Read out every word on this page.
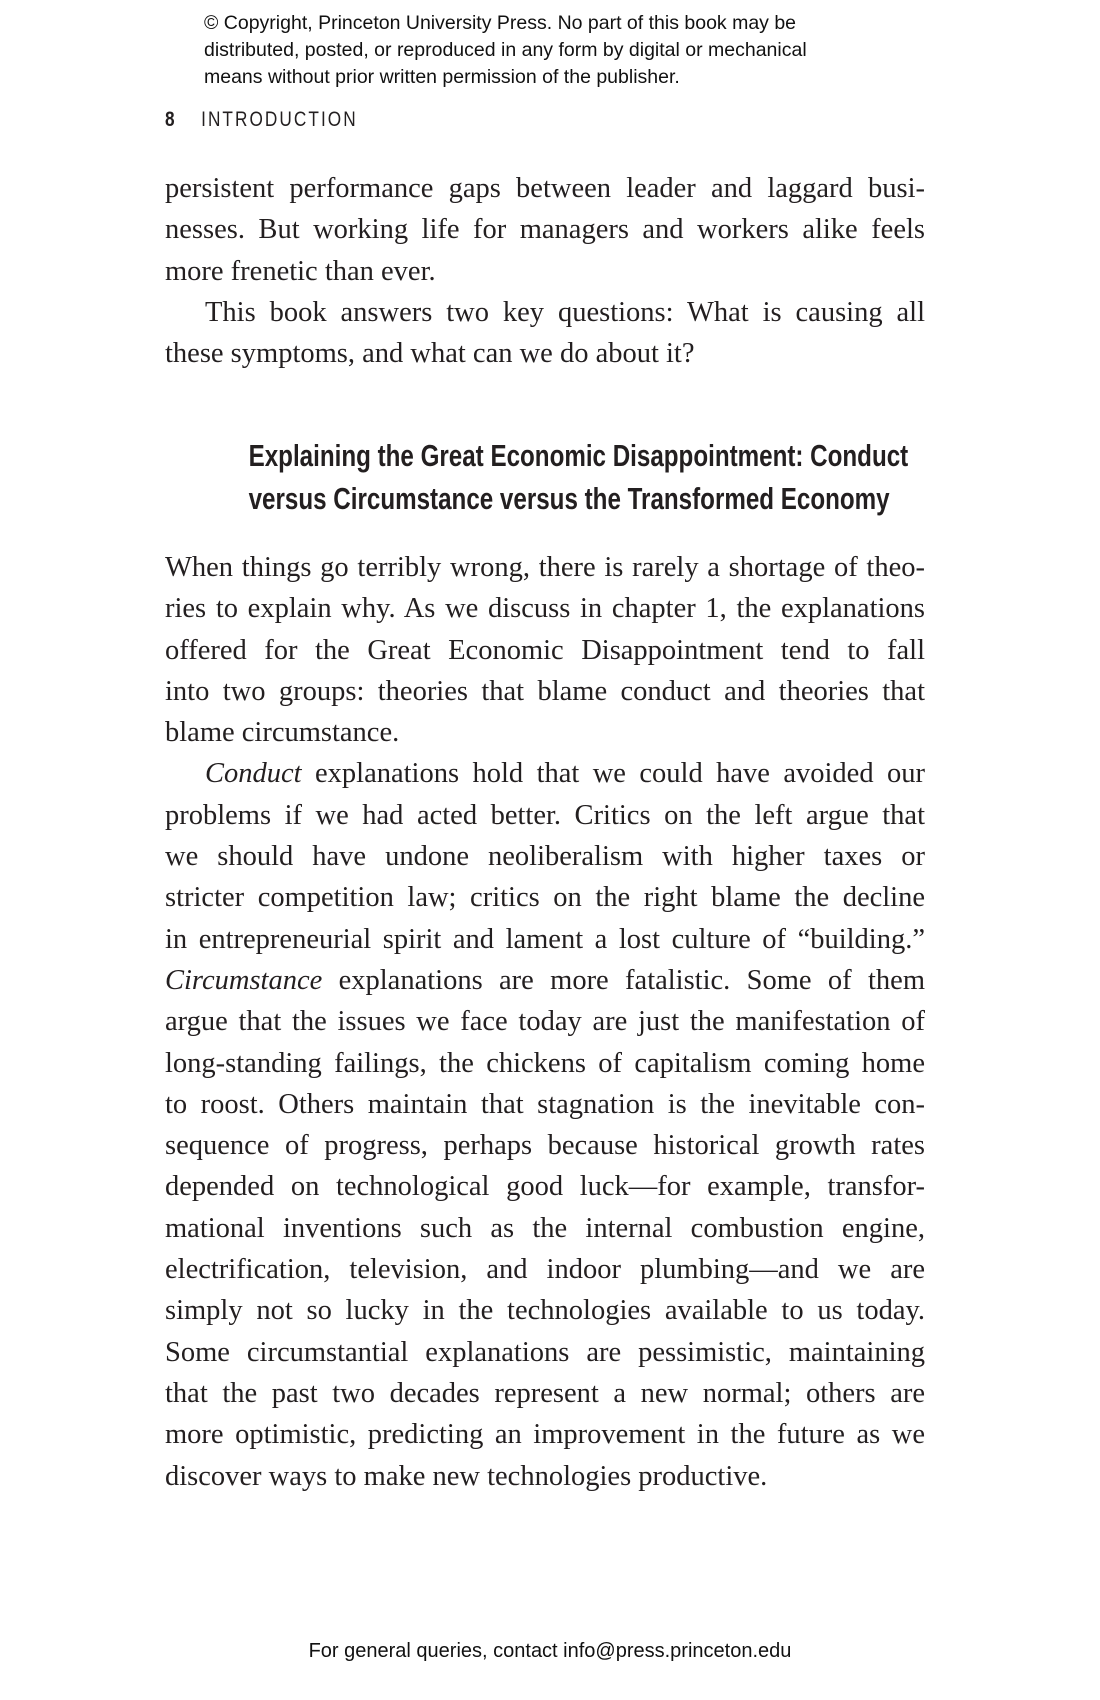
© Copyright, Princeton University Press. No part of this book may be
distributed, posted, or reproduced in any form by digital or mechanical
means without prior written permission of the publisher.
8 INTRODUCTION
persistent performance gaps between leader and laggard busi-
nesses. But working life for managers and workers alike feels
more frenetic than ever.
This book answers two key questions: What is causing all
these symptoms, and what can we do about it?
Explaining the Great Economic Disappointment: Conduct
versus Circumstance versus the Transformed Economy
When things go terribly wrong, there is rarely a shortage of theo-
ries to explain why. As we discuss in chapter 1, the explanations
offered for the Great Economic Disappointment tend to fall
into two groups: theories that blame conduct and theories that
blame circumstance.
Conduct explanations hold that we could have avoided our
problems if we had acted better. Critics on the left argue that
we should have undone neoliberalism with higher taxes or
stricter competition law; critics on the right blame the decline
in entrepreneurial spirit and lament a lost culture of “building.”
Circumstance explanations are more fatalistic. Some of them
argue that the issues we face today are just the manifestation of
long-standing failings, the chickens of capitalism coming home
to roost. Others maintain that stagnation is the inevitable con-
sequence of progress, perhaps because historical growth rates
depended on technological good luck—for example, transfor-
mational inventions such as the internal combustion engine,
electrification, television, and indoor plumbing—and we are
simply not so lucky in the technologies available to us today.
Some circumstantial explanations are pessimistic, maintaining
that the past two decades represent a new normal; others are
more optimistic, predicting an improvement in the future as we
discover ways to make new technologies productive.
For general queries, contact info@press.princeton.edu
